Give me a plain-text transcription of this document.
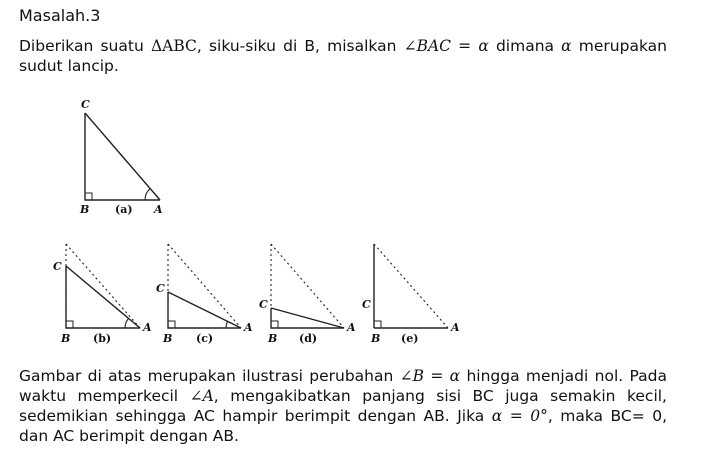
Masalah.3
Diberikan suatu ΔABC, siku-siku di B, misalkan ∠BAC = α dimana α merupakan sudut lancip.
C
B	A
(a)
C
B
A
(b)
C
B
A
(c)
C
B
A
(d)
C
B
A
(e)
Gambar di atas merupakan ilustrasi perubahan ∠B = α hingga menjadi nol. Pada waktu memperkecil ∠A, mengakibatkan panjang sisi BC juga semakin kecil, sedemikian sehingga AC hampir berimpit dengan AB. Jika α = 0°, maka BC= 0, dan AC berimpit dengan AB.
